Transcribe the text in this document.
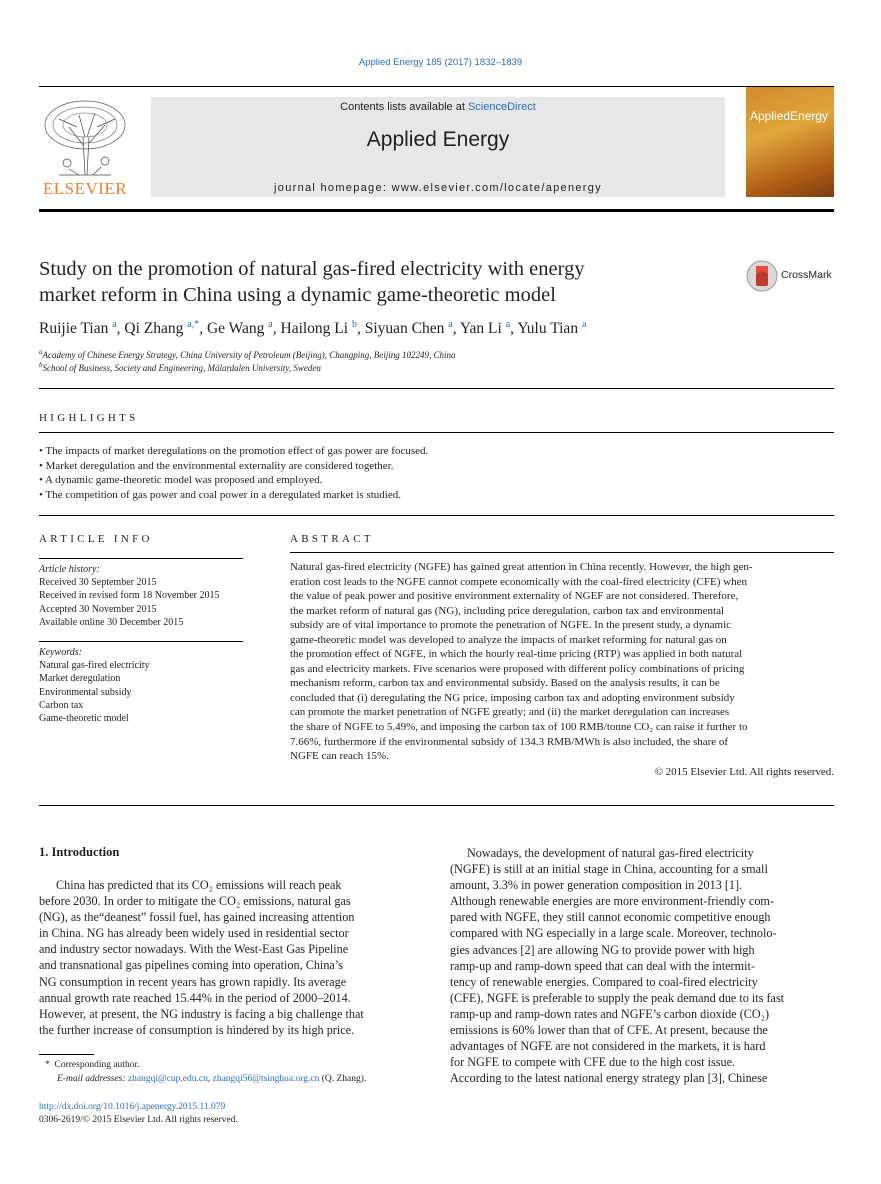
Applied Energy 185 (2017) 1832–1839
ELSEVIER
Contents lists available at ScienceDirect
Applied Energy
journal homepage: www.elsevier.com/locate/apenergy
AppliedEnergy
Study on the promotion of natural gas-fired electricity with energy
market reform in China using a dynamic game-theoretic model
CrossMark
Ruijie Tian $^a$, Qi Zhang $^{a,*}$, Ge Wang $^a$, Hailong Li $^b$, Siyuan Chen $^a$, Yan Li $^a$, Yulu Tian $^a$
$^a$Academy of Chinese Energy Strategy, China University of Petroleum (Beijing), Changping, Beijing 102249, China
$^b$School of Business, Society and Engineering, Mälardalen University, Sweden
HIGHLIGHTS
• The impacts of market deregulations on the promotion effect of gas power are focused.
• Market deregulation and the environmental externality are considered together.
• A dynamic game-theoretic model was proposed and employed.
• The competition of gas power and coal power in a deregulated market is studied.
ARTICLE INFO
Article history:
Received 30 September 2015
Received in revised form 18 November 2015
Accepted 30 November 2015
Available online 30 December 2015
Keywords:
Natural gas-fired electricity
Market deregulation
Environmental subsidy
Carbon tax
Game-theoretic model
ABSTRACT
Natural gas-fired electricity (NGFE) has gained great attention in China recently. However, the high gen-
eration cost leads to the NGFE cannot compete economically with the coal-fired electricity (CFE) when
the value of peak power and positive environment externality of NGEF are not considered. Therefore,
the market reform of natural gas (NG), including price deregulation, carbon tax and environmental
subsidy are of vital importance to promote the penetration of NGFE. In the present study, a dynamic
game-theoretic model was developed to analyze the impacts of market reforming for natural gas on
the promotion effect of NGFE, in which the hourly real-time pricing (RTP) was applied in both natural
gas and electricity markets. Five scenarios were proposed with different policy combinations of pricing
mechanism reform, carbon tax and environmental subsidy. Based on the analysis results, it can be
concluded that (i) deregulating the NG price, imposing carbon tax and adopting environment subsidy
can promote the market penetration of NGFE greatly; and (ii) the market deregulation can increases
the share of NGFE to 5.49%, and imposing the carbon tax of 100 RMB/tonne CO₂ can raise it further to
7.66%, furthermore if the environmental subsidy of 134.3 RMB/MWh is also included, the share of
NGFE can reach 15%.
© 2015 Elsevier Ltd. All rights reserved.
1. Introduction
China has predicted that its CO₂ emissions will reach peak
before 2030. In order to mitigate the CO₂ emissions, natural gas
(NG), as the“deanest” fossil fuel, has gained increasing attention
in China. NG has already been widely used in residential sector
and industry sector nowadays. With the West-East Gas Pipeline
and transnational gas pipelines coming into operation, China’s
NG consumption in recent years has grown rapidly. Its average
annual growth rate reached 15.44% in the period of 2000–2014.
However, at present, the NG industry is facing a big challenge that
the further increase of consumption is hindered by its high price.
Nowadays, the development of natural gas-fired electricity
(NGFE) is still at an initial stage in China, accounting for a small
amount, 3.3% in power generation composition in 2013 [1].
Although renewable energies are more environment-friendly com-
pared with NGFE, they still cannot economic competitive enough
compared with NG especially in a large scale. Moreover, technolo-
gies advances [2] are allowing NG to provide power with high
ramp-up and ramp-down speed that can deal with the intermit-
tency of renewable energies. Compared to coal-fired electricity
(CFE), NGFE is preferable to supply the peak demand due to its fast
ramp-up and ramp-down rates and NGFE’s carbon dioxide (CO₂)
emissions is 60% lower than that of CFE. At present, because the
advantages of NGFE are not considered in the markets, it is hard
for NGFE to compete with CFE due to the high cost issue.
According to the latest national energy strategy plan [3], Chinese
*  Corresponding author.
E-mail addresses: zhangqi@cup.edu.cn, zhangqi56@tsinghua.org.cn (Q. Zhang).
http://dx.doi.org/10.1016/j.apenergy.2015.11.079
0306-2619/© 2015 Elsevier Ltd. All rights reserved.
